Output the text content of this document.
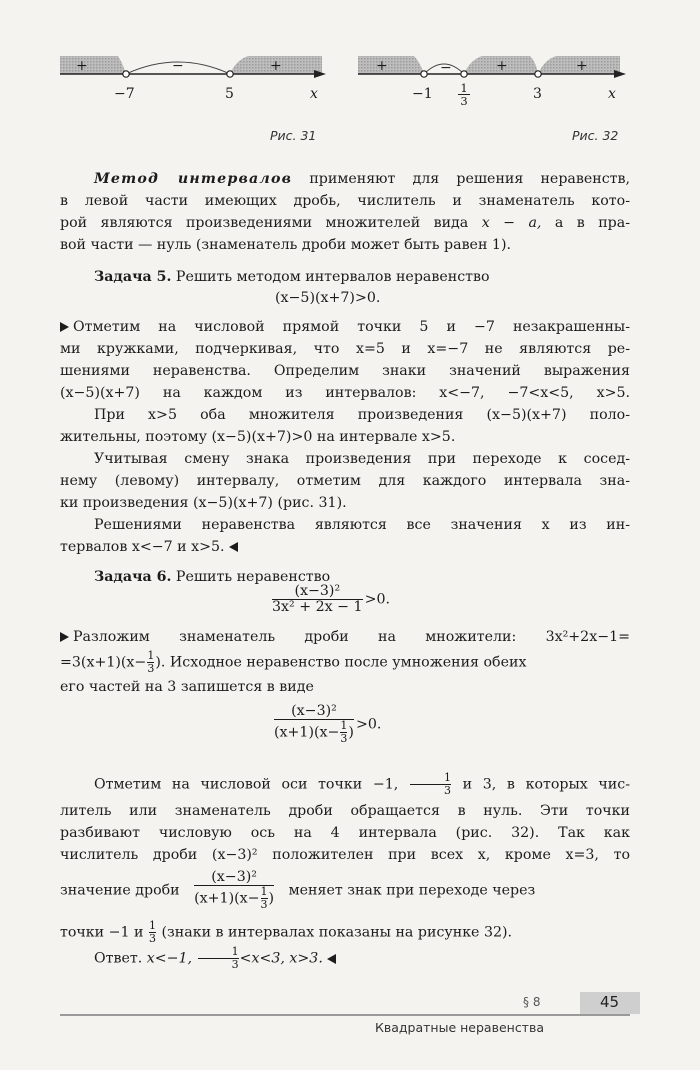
+	−	+
−7	5	x
Рис. 31
+	−	+	+
$-1 \frac{1}{3}$	3	x
Рис. 32
Метод интервалов применяют для решения неравенств,
в левой части имеющих дробь, числитель и знаменатель кото-
рой являются произведениями множителей вида x − a, а в пра-
вой части — нуль (знаменатель дроби может быть равен 1).
Задача 5. Решить методом интервалов неравенство
(x−5)(x+7)>0.
Отметим на числовой прямой точки 5 и −7 незакрашенны-
ми кружками, подчеркивая, что x=5 и x=−7 не являются ре-
шениями неравенства. Определим знаки значений выражения
(x−5)(x+7) на каждом из интервалов: x<−7, −7<x<5, x>5.
При x>5 оба множителя произведения (x−5)(x+7) поло-
жительны, поэтому (x−5)(x+7)>0 на интервале x>5.
Учитывая смену знака произведения при переходе к сосед-
нему (левому) интервалу, отметим для каждого интервала зна-
ки произведения (x−5)(x+7) (рис. 31).
Решениями неравенства являются все значения x из ин-
тервалов x<−7 и x>5.
Задача 6. Решить неравенство
$\frac{\text{(x−3)²}}{\text{3x² + 2x − 1}} >0$.
Разложим знаменатель дроби на множители: 3x²+2x−1=
$=3(x+1)(x- \frac{1}{3}$ ). Исходное неравенство после умножения обеих
его частей на 3 запишется в виде
$\frac{\text{(x−3)²}}{(x+1)(x- \frac{1}{3} )} >0$.
Отметим на числовой оси точки −1, $\frac{1}{3}$ и 3, в которых чис-
литель или знаменатель дроби обращается в нуль. Эти точки
разбивают числовую ось на 4 интервала (рис. 32). Так как
числитель дроби (x−3)² положителен при всех x, кроме x=3, то
значение дроби $\frac{\text{(x−3)²}}{(x+1)(x- \frac{1}{3} )}$ меняет знак при переходе через
точки −1 и $\frac{1}{3}$ (знаки в интервалах показаны на рисунке 32).
Ответ. x<−1, $\frac{1}{3} <x<3$, x>3.
§ 8	45
Квадратные неравенства
